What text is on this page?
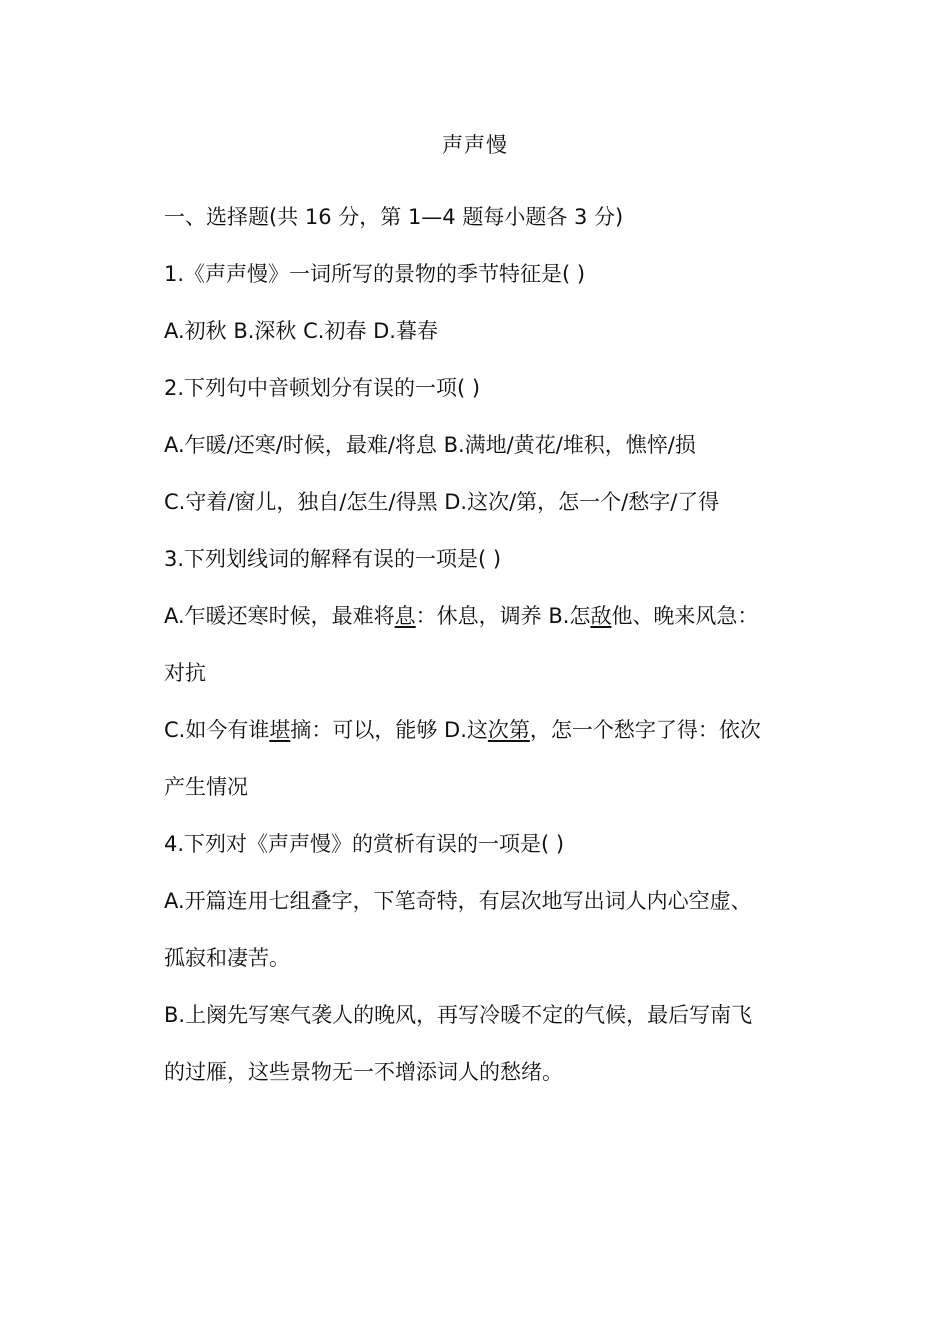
声声慢
一、选择题(共 16 分，第 1—4 题每小题各 3 分)
1.《声声慢》一词所写的景物的季节特征是( )
A.初秋 B.深秋 C.初春 D.暮春
2.下列句中音顿划分有误的一项( )
A.乍暖/还寒/时候，最难/将息 B.满地/黄花/堆积，憔悴/损
C.守着/窗儿，独自/怎生/得黑 D.这次/第，怎一个/愁字/了得
3.下列划线词的解释有误的一项是( )
A.乍暖还寒时候，最难将息：休息，调养 B.怎敌他、晚来风急：
对抗
C.如今有谁堪摘：可以，能够 D.这次第，怎一个愁字了得：依次
产生情况
4.下列对《声声慢》的赏析有误的一项是( )
A.开篇连用七组叠字，下笔奇特，有层次地写出词人内心空虚、
孤寂和凄苦。
B.上阕先写寒气袭人的晚风，再写冷暖不定的气候，最后写南飞
的过雁，这些景物无一不增添词人的愁绪。
